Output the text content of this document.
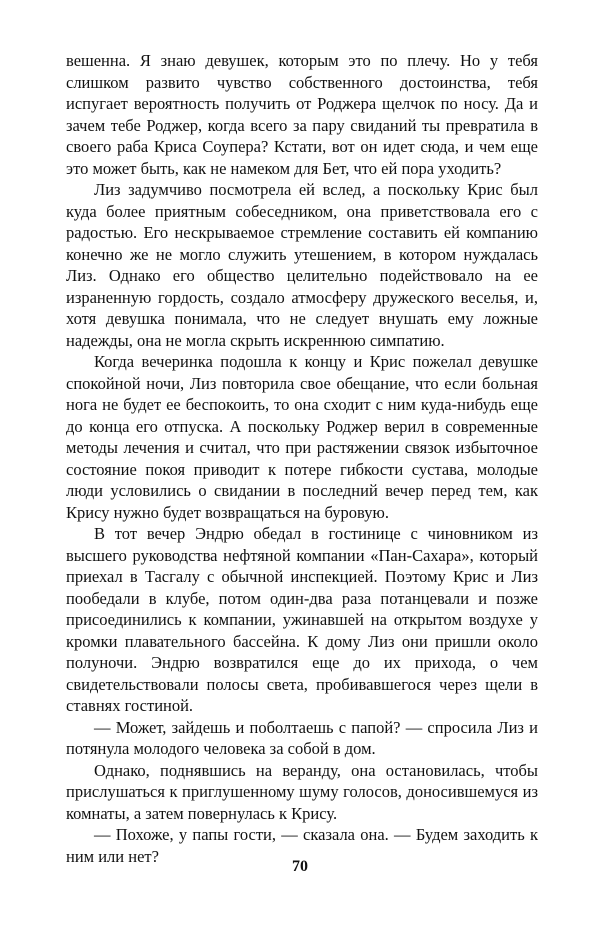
вешенна. Я знаю девушек, которым это по плечу. Но у тебя слишком развито чувство собственного достоинства, тебя испугает вероятность получить от Роджера щелчок по носу. Да и зачем тебе Роджер, когда всего за пару свиданий ты превратила в своего раба Криса Соупера? Кстати, вот он идет сюда, и чем еще это может быть, как не намеком для Бет, что ей пора уходить?

Лиз задумчиво посмотрела ей вслед, а поскольку Крис был куда более приятным собеседником, она приветствовала его с радостью. Его нескрываемое стремление составить ей компанию конечно же не могло служить утешением, в котором нуждалась Лиз. Однако его общество целительно подействовало на ее израненную гордость, создало атмосферу дружеского веселья, и, хотя девушка понимала, что не следует внушать ему ложные надежды, она не могла скрыть искреннюю симпатию.

Когда вечеринка подошла к концу и Крис пожелал девушке спокойной ночи, Лиз повторила свое обещание, что если больная нога не будет ее беспокоить, то она сходит с ним куда-нибудь еще до конца его отпуска. А поскольку Роджер верил в современные методы лечения и считал, что при растяжении связок избыточное состояние покоя приводит к потере гибкости сустава, молодые люди условились о свидании в последний вечер перед тем, как Крису нужно будет возвращаться на буровую.

В тот вечер Эндрю обедал в гостинице с чиновником из высшего руководства нефтяной компании «Пан-Сахара», который приехал в Тасгалу с обычной инспекцией. Поэтому Крис и Лиз пообедали в клубе, потом один-два раза потанцевали и позже присоединились к компании, ужинавшей на открытом воздухе у кромки плавательного бассейна. К дому Лиз они пришли около полуночи. Эндрю возвратился еще до их прихода, о чем свидетельствовали полосы света, пробивавшегося через щели в ставнях гостиной.

— Может, зайдешь и поболтаешь с папой? — спросила Лиз и потянула молодого человека за собой в дом.

Однако, поднявшись на веранду, она остановилась, чтобы прислушаться к приглушенному шуму голосов, доносившемуся из комнаты, а затем повернулась к Крису.

— Похоже, у папы гости, — сказала она. — Будем заходить к ним или нет?

70
